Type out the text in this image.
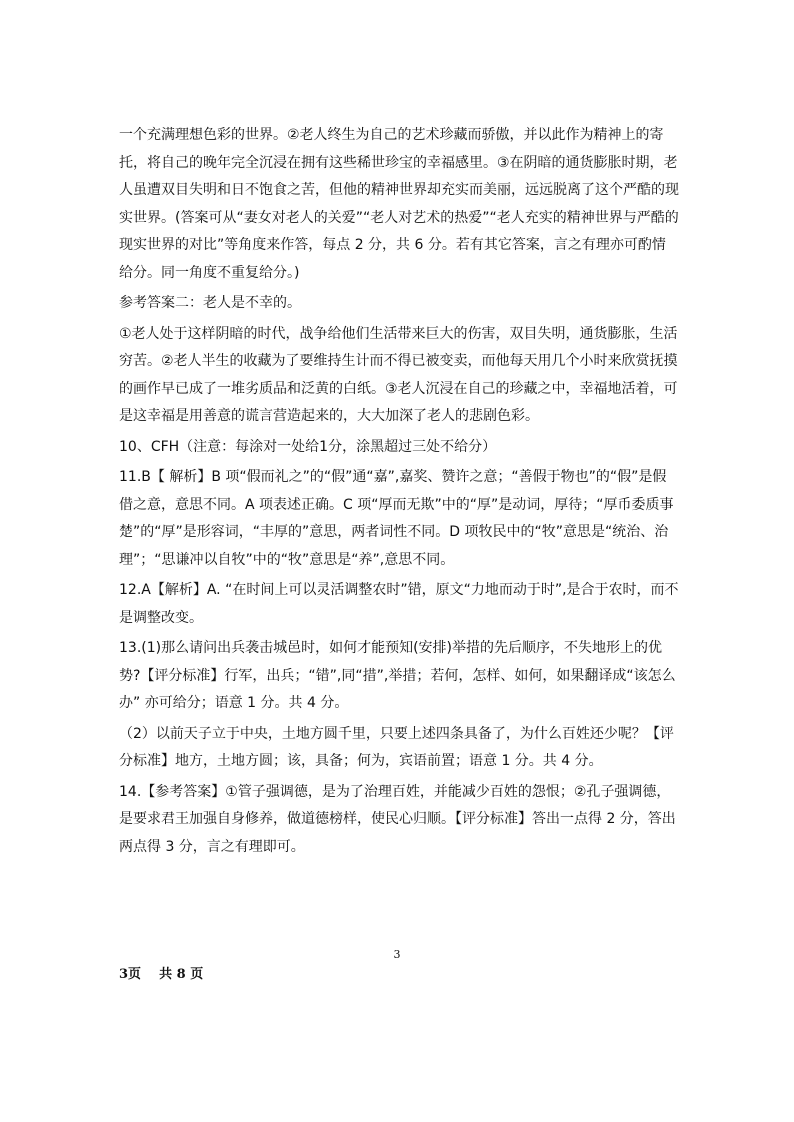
一个充满理想色彩的世界。②老人终生为自己的艺术珍藏而骄傲，并以此作为精神上的寄托，将自己的晚年完全沉浸在拥有这些稀世珍宝的幸福感里。③在阴暗的通货膨胀时期，老人虽遭双目失明和日不饱食之苦，但他的精神世界却充实而美丽，远远脱离了这个严酷的现实世界。(答案可从“妻女对老人的关爱”“老人对艺术的热爱”“老人充实的精神世界与严酷的现实世界的对比”等角度来作答，每点 2 分，共 6 分。若有其它答案，言之有理亦可酌情给分。同一角度不重复给分。)

参考答案二：老人是不幸的。

①老人处于这样阴暗的时代，战争给他们生活带来巨大的伤害，双目失明，通货膨胀，生活穷苦。②老人半生的收藏为了要维持生计而不得已被变卖，而他每天用几个小时来欣赏抚摸的画作早已成了一堆劣质品和泛黄的白纸。③老人沉浸在自己的珍藏之中，幸福地活着，可是这幸福是用善意的谎言营造起来的，大大加深了老人的悲剧色彩。

10、CFH（注意：每涂对一处给1分，涂黑超过三处不给分）

11.B【 解析】B 项“假而礼之”的“假”通“嘉”,嘉奖、赞许之意；“善假于物也”的“假”是假借之意，意思不同。A 项表述正确。C 项“厚而无欺”中的“厚”是动词，厚待；“厚币委质事楚”的“厚”是形容词，“丰厚的”意思，两者词性不同。D 项牧民中的“牧”意思是“统治、治理”；“思谦冲以自牧”中的“牧”意思是“养”,意思不同。

12.A【解析】A. “在时间上可以灵活调整农时”错，原文“力地而动于时”,是合于农时，而不是调整改变。

13.(1)那么请问出兵袭击城邑时，如何才能预知(安排)举措的先后顺序，不失地形上的优势?【评分标准】行军，出兵；“错”,同“措”,举措；若何，怎样、如何，如果翻译成“该怎么办” 亦可给分；语意 1 分。共 4 分。

（2）以前天子立于中央，土地方圆千里，只要上述四条具备了，为什么百姓还少呢？【评分标准】地方，土地方圆；该，具备；何为，宾语前置；语意 1 分。共 4 分。

14.【参考答案】①管子强调德，是为了治理百姓，并能减少百姓的怨恨；②孔子强调德，是要求君王加强自身修养，做道德榜样，使民心归顺。【评分标准】答出一点得 2 分，答出两点得 3 分，言之有理即可。

3
3页    共 8 页
